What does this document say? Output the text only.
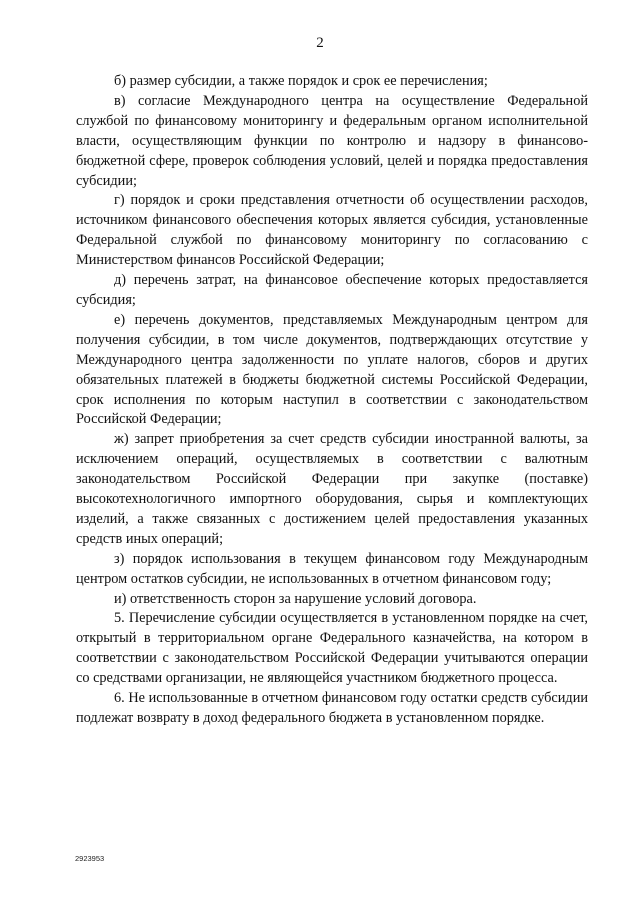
2

б) размер субсидии, а также порядок и срок ее перечисления;

в) согласие Международного центра на осуществление Федеральной службой по финансовому мониторингу и федеральным органом исполнительной власти, осуществляющим функции по контролю и надзору в финансово-бюджетной сфере, проверок соблюдения условий, целей и порядка предоставления субсидии;

г) порядок и сроки представления отчетности об осуществлении расходов, источником финансового обеспечения которых является субсидия, установленные Федеральной службой по финансовому мониторингу по согласованию с Министерством финансов Российской Федерации;

д) перечень затрат, на финансовое обеспечение которых предоставляется субсидия;

е) перечень документов, представляемых Международным центром для получения субсидии, в том числе документов, подтверждающих отсутствие у Международного центра задолженности по уплате налогов, сборов и других обязательных платежей в бюджеты бюджетной системы Российской Федерации, срок исполнения по которым наступил в соответствии с законодательством Российской Федерации;

ж) запрет приобретения за счет средств субсидии иностранной валюты, за исключением операций, осуществляемых в соответствии с валютным законодательством Российской Федерации при закупке (поставке) высокотехнологичного импортного оборудования, сырья и комплектующих изделий, а также связанных с достижением целей предоставления указанных средств иных операций;

з) порядок использования в текущем финансовом году Международным центром остатков субсидии, не использованных в отчетном финансовом году;

и) ответственность сторон за нарушение условий договора.

5. Перечисление субсидии осуществляется в установленном порядке на счет, открытый в территориальном органе Федерального казначейства, на котором в соответствии с законодательством Российской Федерации учитываются операции со средствами организации, не являющейся участником бюджетного процесса.

6. Не использованные в отчетном финансовом году остатки средств субсидии подлежат возврату в доход федерального бюджета в установленном порядке.

2923953
